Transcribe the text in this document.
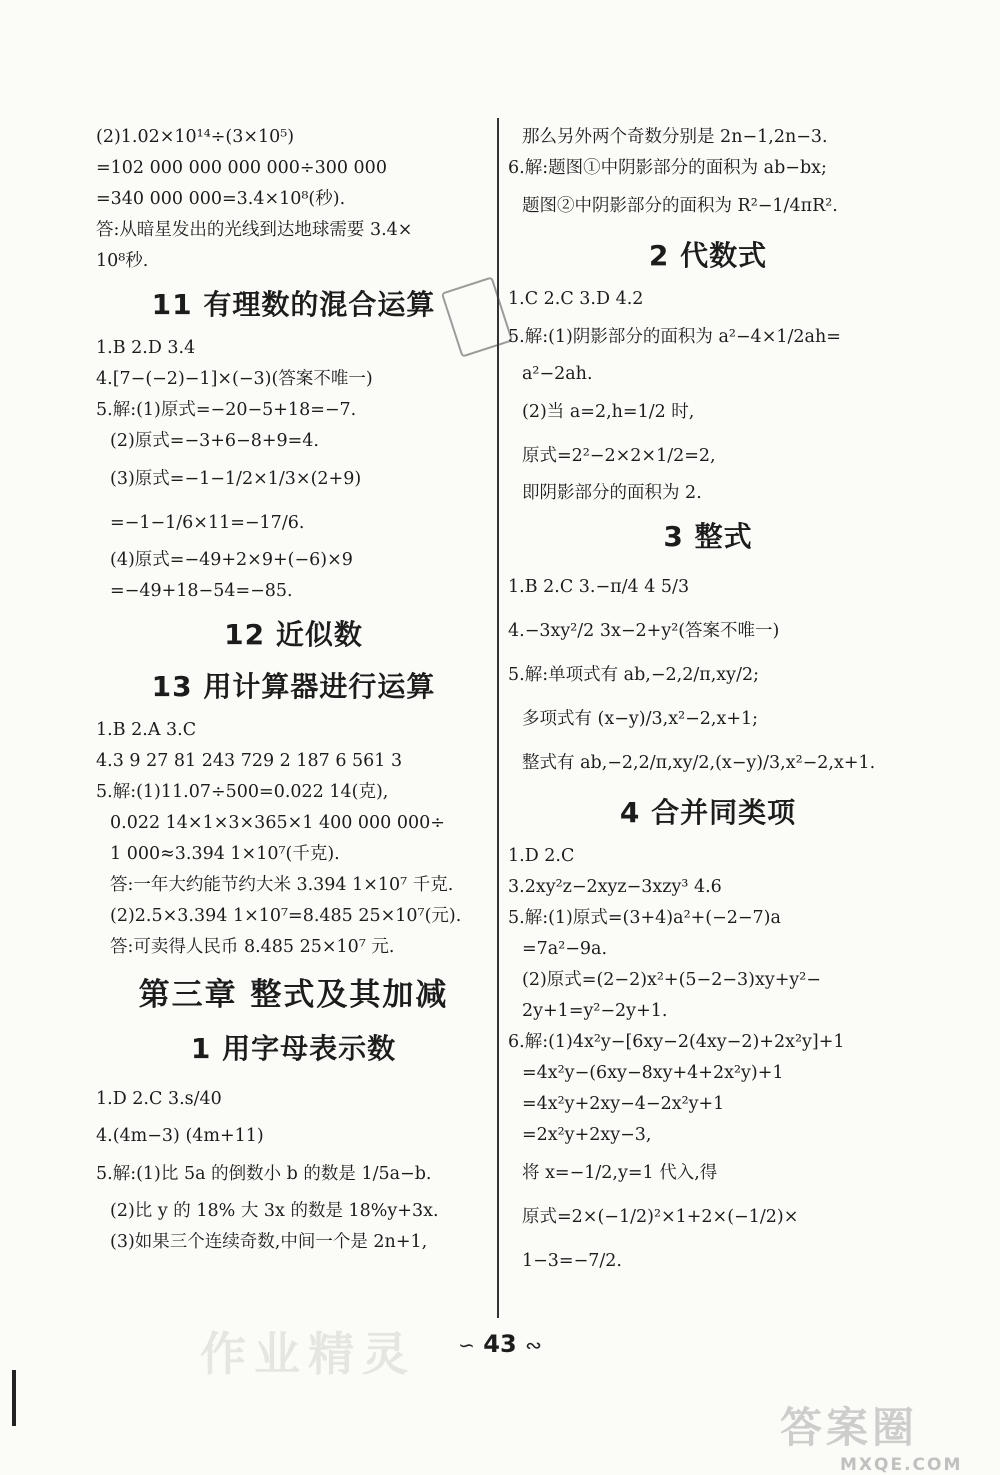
(2)1.02×10¹⁴÷(3×10⁵)
=102 000 000 000 000÷300 000
=340 000 000=3.4×10⁸(秒).
答:从暗星发出的光线到达地球需要 3.4×
10⁸秒.
11 有理数的混合运算
1.B 2.D 3.4
4.[7−(−2)−1]×(−3)(答案不唯一)
5.解:(1)原式=−20−5+18=−7.
(2)原式=−3+6−8+9=4.
(3)原式=−1−1/2×1/3×(2+9)
=−1−1/6×11=−17/6.
(4)原式=−49+2×9+(−6)×9
=−49+18−54=−85.
12 近似数
13 用计算器进行运算
1.B 2.A 3.C
4.3 9 27 81 243 729 2 187 6 561 3
5.解:(1)11.07÷500=0.022 14(克),
0.022 14×1×3×365×1 400 000 000÷
1 000≈3.394 1×10⁷(千克).
答:一年大约能节约大米 3.394 1×10⁷ 千克.
(2)2.5×3.394 1×10⁷=8.485 25×10⁷(元).
答:可卖得人民币 8.485 25×10⁷ 元.
第三章 整式及其加减
1 用字母表示数
1.D 2.C 3.s/40
4.(4m−3) (4m+11)
5.解:(1)比 5a 的倒数小 b 的数是 1/5a−b.
(2)比 y 的 18% 大 3x 的数是 18%y+3x.
(3)如果三个连续奇数,中间一个是 2n+1,
那么另外两个奇数分别是 2n−1,2n−3.
6.解:题图①中阴影部分的面积为 ab−bx;
题图②中阴影部分的面积为 R²−1/4πR².
2 代数式
1.C 2.C 3.D 4.2
5.解:(1)阴影部分的面积为 a²−4×1/2ah=
a²−2ah.
(2)当 a=2,h=1/2 时,
原式=2²−2×2×1/2=2,
即阴影部分的面积为 2.
3 整式
1.B 2.C 3.−π/4 4 5/3
4.−3xy²/2 3x−2+y²(答案不唯一)
5.解:单项式有 ab,−2,2/π,xy/2;
多项式有 (x−y)/3,x²−2,x+1;
整式有 ab,−2,2/π,xy/2,(x−y)/3,x²−2,x+1.
4 合并同类项
1.D 2.C
3.2xy²z−2xyz−3xzy³ 4.6
5.解:(1)原式=(3+4)a²+(−2−7)a
=7a²−9a.
(2)原式=(2−2)x²+(5−2−3)xy+y²−
2y+1=y²−2y+1.
6.解:(1)4x²y−[6xy−2(4xy−2)+2x²y]+1
=4x²y−(6xy−8xy+4+2x²y)+1
=4x²y+2xy−4−2x²y+1
=2x²y+2xy−3,
将 x=−1/2,y=1 代入,得
原式=2×(−1/2)²×1+2×(−1/2)×
1−3=−7/2.
∽ 43 ∾
作业精灵
答案圈
MXQE.COM
